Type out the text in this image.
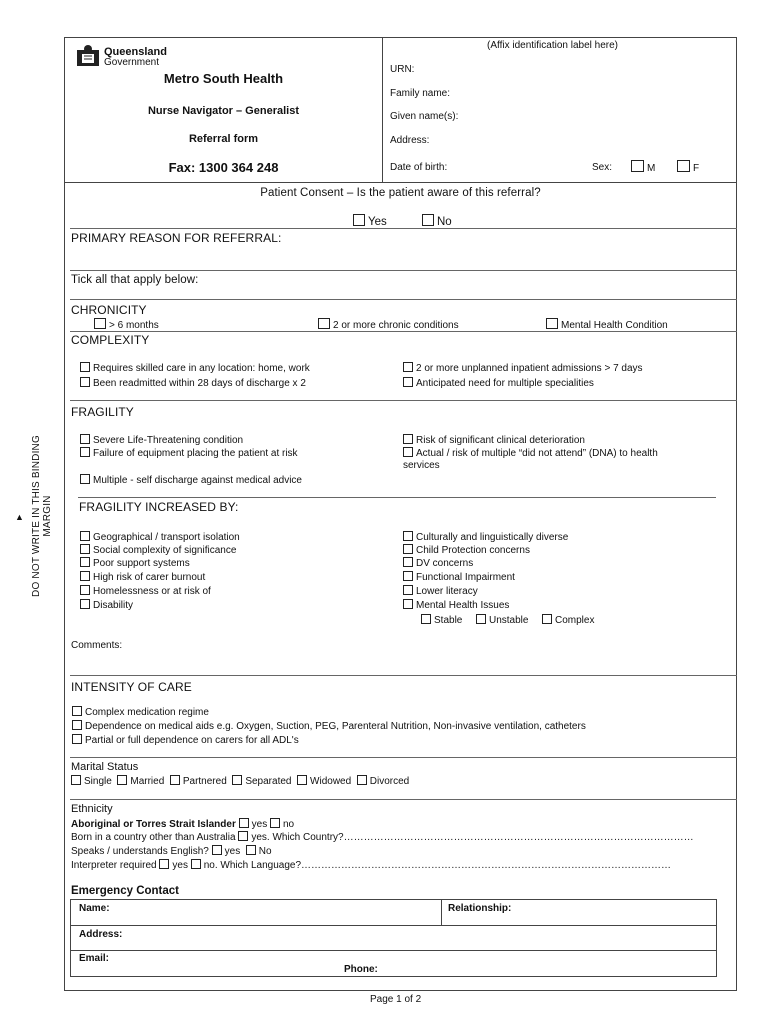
DO NOT WRITE IN THIS BINDING MARGIN
▲
Queensland
Government
Metro South Health
Nurse Navigator – Generalist
Referral form
Fax: 1300 364 248
(Affix identification label here)
URN:
Family name:
Given name(s):
Address:
Date of birth:	Sex:	M	F
Patient Consent – Is the patient aware of this referral?
Yes	No
PRIMARY REASON FOR REFERRAL:
Tick all that apply below:
CHRONICITY
> 6 months	2 or more chronic conditions	Mental Health Condition
COMPLEXITY
Requires skilled care in any location: home, work
Been readmitted within 28 days of discharge x 2
2 or more unplanned inpatient admissions > 7 days
Anticipated need for multiple specialities
FRAGILITY
Severe Life-Threatening condition
Failure of equipment placing the patient at risk
Risk of significant clinical deterioration
Actual / risk of multiple “did not attend” (DNA) to health
services
Multiple - self discharge against medical advice
FRAGILITY INCREASED BY:
Geographical / transport isolation
Social complexity of significance
Poor support systems
High risk of carer burnout
Homelessness or at risk of
Disability
Culturally and linguistically diverse
Child Protection concerns
DV concerns
Functional Impairment
Lower literacy
Mental Health Issues
Stable	Unstable	Complex
Comments:
INTENSITY OF CARE
Complex medication regime
Dependence on medical aids e.g. Oxygen, Suction, PEG, Parenteral Nutrition, Non-invasive ventilation, catheters
Partial or full dependence on carers for all ADL's
Marital Status
Single Married Partnered Separated Widowed Divorced
Ethnicity
Aboriginal or Torres Strait Islander yes no
Born in a country other than Australia yes. Which Country?……………………………………………………………………………………………
Speaks / understands English? yes No
Interpreter required yes no. Which Language?…………………………………………………………………………………………………
Emergency Contact
Name:	Relationship:
Address:
Email:
Phone:
Page 1 of 2
